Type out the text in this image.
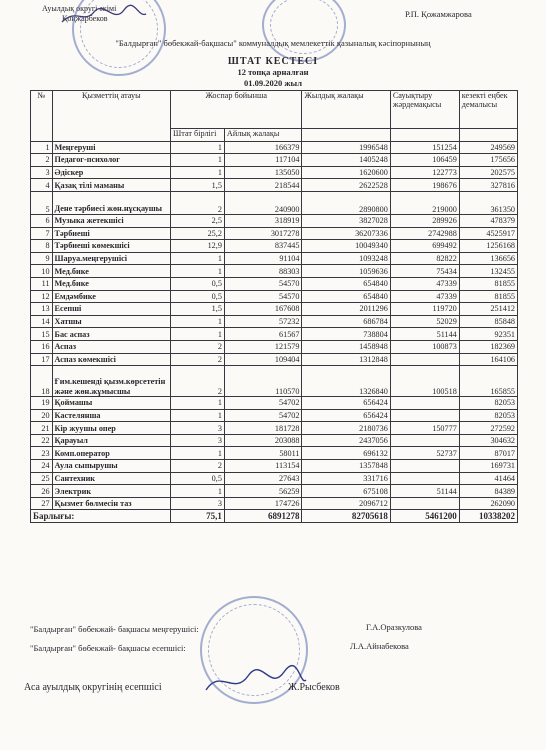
Ауылдық округі әкімі
Қоңжарбеков	Р.П. Қожамжарова
"Балдырған" бөбекжай-бақшасы" коммуналдық мемлекеттік қазыналық кәсіпорнының
ШТАТ КЕСТЕСІ
12 топқа арналған
01.09.2020 жыл
№	Қызметтің атауы	Жоспар бойынша		Жылдық жалақы	Сауықтыру жәрдемақысы	кезекті еңбек демалысы
		Штат бірлігі	Айлық жалақы			
1	Меңгеруші	1	166379	1996548	151254	249569
2	Педагог-психолог	1	117104	1405248	106459	175656
3	Әдіскер	1	135050	1620600	122773	202575
4	Қазақ тілі маманы	1,5	218544	2622528	198676	327816
5	Дене тәрбиесі жөн.нұсқаушы	2	240900	2890800	219000	361350
6	Музыка жетекшісі	2,5	318919	3827028	289926	478379
7	Тәрбиеші	25,2	3017278	36207336	2742988	4525917
8	Тәрбиеші көмекшісі	12,9	837445	10049340	699492	1256168
9	Шаруа.меңгерушісі	1	91104	1093248	82822	136656
10	Мед.бике	1	88303	1059636	75434	132455
11	Мед.бике	0,5	54570	654840	47339	81855
12	Емдәмбике	0,5	54570	654840	47339	81855
13	Есепші	1,5	167608	2011296	119720	251412
14	Хатшы	1	57232	686784	52029	85848
15	Бас аспаз	1	61567	738804	51144	92351
16	Аспаз	2	121579	1458948	100873	182369
17	Аспаз көмекшісі	2	109404	1312848		164106
18	Ғим.кешенді қызм.көрсететін және жөн.жұмысшы	2	110570	1326840	100518	165855
19	Қоймашы	1	54702	656424		82053
20	Кастелянша	1	54702	656424		82053
21	Кір жуушы опер	3	181728	2180736	150777	272592
22	Қарауыл	3	203088	2437056		304632
23	Комп.оператор	1	58011	696132	52737	87017
24	Аула сыпырушы	2	113154	1357848		169731
25	Сантехник	0,5	27643	331716		41464
26	Электрик	1	56259	675108	51144	84389
27	Қызмет бөлмесін таз	3	174726	2096712		262090
Барлығы:		75,1	6891278	82705618	5461200	10338202
"Балдырған" бөбекжай- бақшасы меңгерушісі:	Г.А.Оразкулова
"Балдырған" бөбекжай- бақшасы есепшісі:	Л.А.Айнабекова
Аса ауылдық округінің есепшісі	Ж.Рысбеков
